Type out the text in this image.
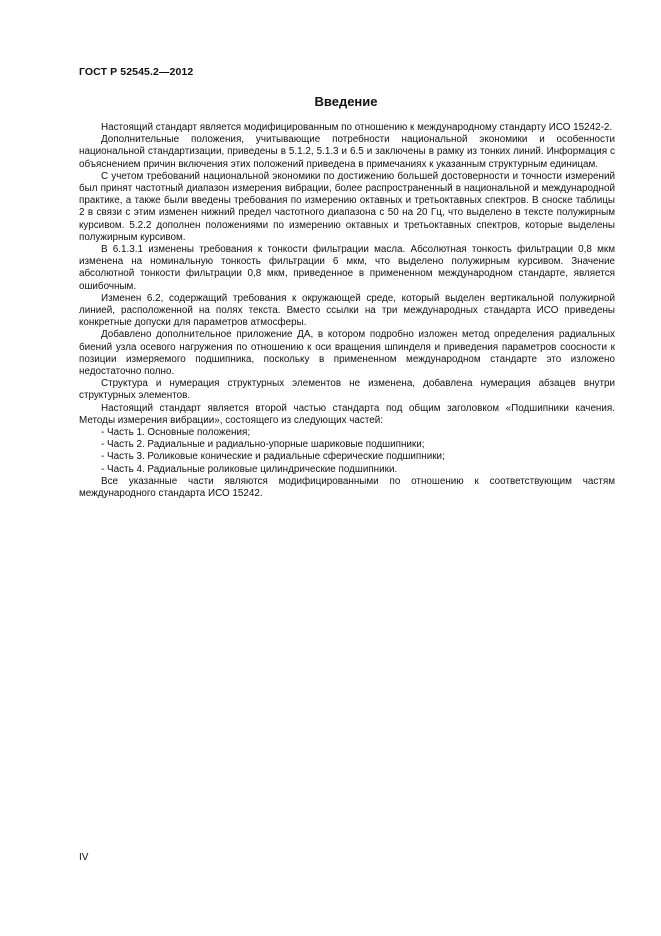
ГОСТ Р 52545.2—2012
Введение

Настоящий стандарт является модифицированным по отношению к международному стандарту ИСО 15242-2.

Дополнительные положения, учитывающие потребности национальной экономики и особенности национальной стандартизации, приведены в 5.1.2, 5.1.3 и 6.5 и заключены в рамку из тонких линий. Информация с объяснением причин включения этих положений приведена в примечаниях к указанным структурным единицам.

С учетом требований национальной экономики по достижению большей достоверности и точности измерений был принят частотный диапазон измерения вибрации, более распространенный в национальной и международной практике, а также были введены требования по измерению октавных и третьоктавных спектров. В сноске таблицы 2 в связи с этим изменен нижний предел частотного диапазона с 50 на 20 Гц, что выделено в тексте полужирным курсивом. 5.2.2 дополнен положениями по измерению октавных и третьоктавных спектров, которые выделены полужирным курсивом.

В 6.1.3.1 изменены требования к тонкости фильтрации масла. Абсолютная тонкость фильтрации 0,8 мкм изменена на номинальную тонкость фильтрации 6 мкм, что выделено полужирным курсивом. Значение абсолютной тонкости фильтрации 0,8 мкм, приведенное в примененном международном стандарте, является ошибочным.

Изменен 6.2, содержащий требования к окружающей среде, который выделен вертикальной полужирной линией, расположенной на полях текста. Вместо ссылки на три международных стандарта ИСО приведены конкретные допуски для параметров атмосферы.

Добавлено дополнительное приложение ДА, в котором подробно изложен метод определения радиальных биений узла осевого нагружения по отношению к оси вращения шпинделя и приведения параметров соосности к позиции измеряемого подшипника, поскольку в примененном международном стандарте это изложено недостаточно полно.

Структура и нумерация структурных элементов не изменена, добавлена нумерация абзацев внутри структурных элементов.

Настоящий стандарт является второй частью стандарта под общим заголовком «Подшипники качения. Методы измерения вибрации», состоящего из следующих частей:

- Часть 1. Основные положения;
- Часть 2. Радиальные и радиально-упорные шариковые подшипники;
- Часть 3. Роликовые конические и радиальные сферические подшипники;
- Часть 4. Радиальные роликовые цилиндрические подшипники.

Все указанные части являются модифицированными по отношению к соответствующим частям международного стандарта ИСО 15242.

IV
